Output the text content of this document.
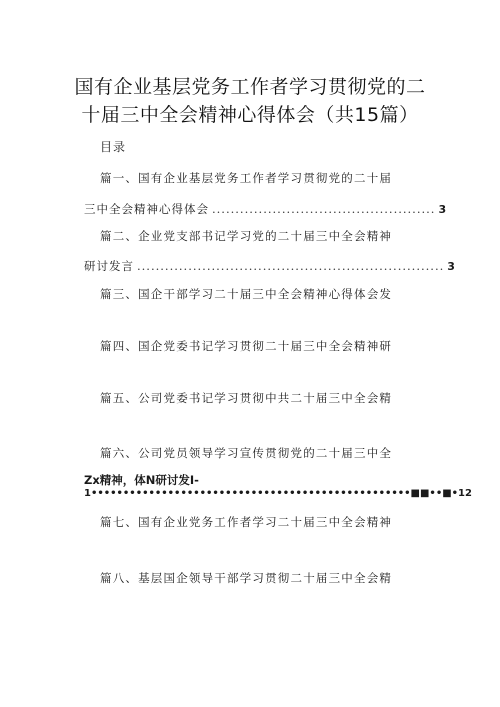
国有企业基层党务工作者学习贯彻党的二
十届三中全会精神心得体会（共15篇）
目录
篇一、国有企业基层党务工作者学习贯彻党的二十届
三中全会精神心得体会 ................................................ 3
篇二、企业党支部书记学习党的二十届三中全会精神
研讨发言 .................................................................. 3
篇三、国企干部学习二十届三中全会精神心得体会发
篇四、国企党委书记学习贯彻二十届三中全会精神研
篇五、公司党委书记学习贯彻中共二十届三中全会精
篇六、公司党员领导学习宣传贯彻党的二十届三中全
Zx精神，体N研讨发I-
1••••••••••••••••••••••••••••••••••••••••••••••••••■■••■•12
篇七、国有企业党务工作者学习二十届三中全会精神
篇八、基层国企领导干部学习贯彻二十届三中全会精
